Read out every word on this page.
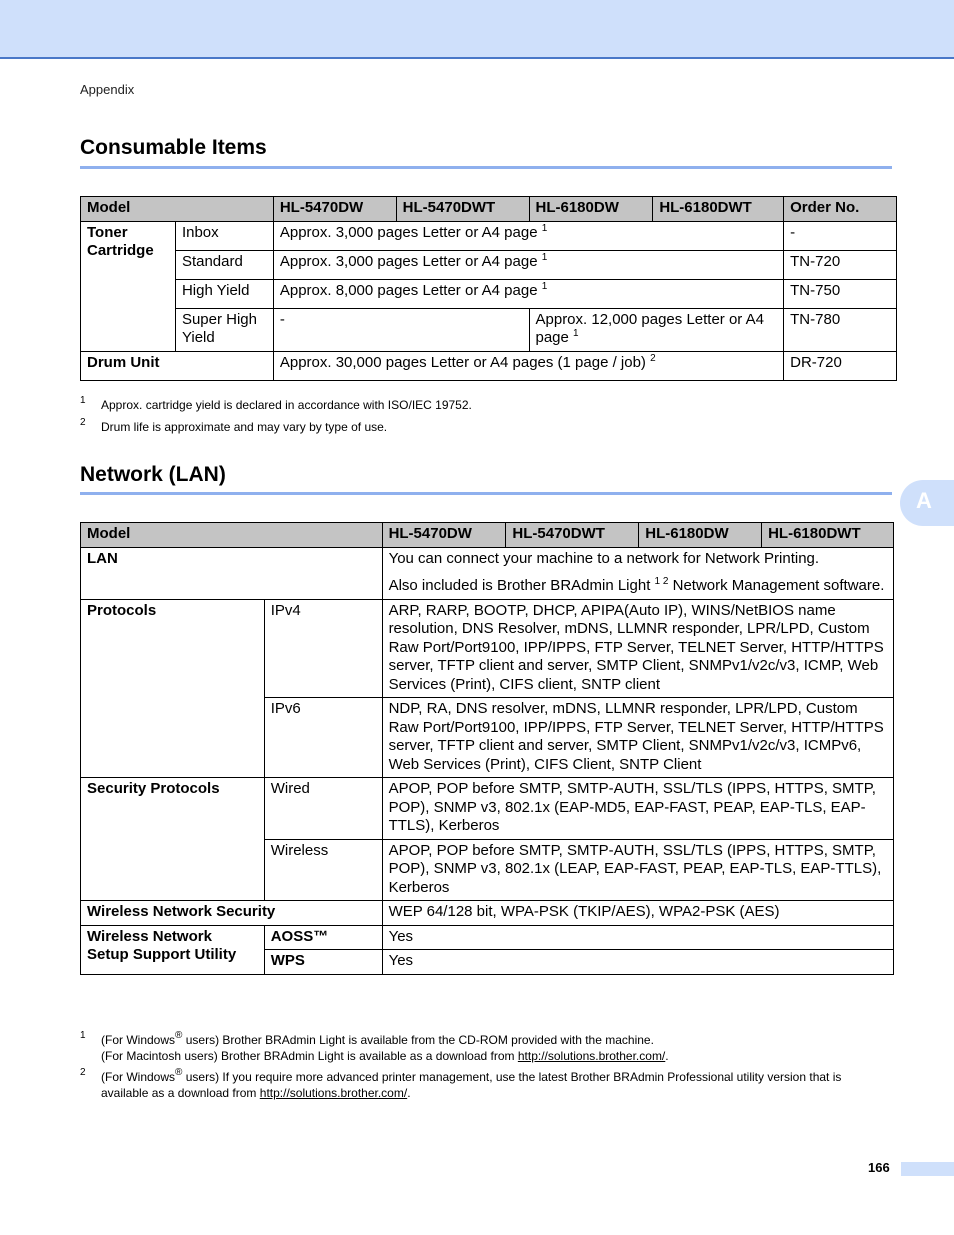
Appendix
Consumable Items
Model		HL-5470DW	HL-5470DWT	HL-6180DW	HL-6180DWT	Order No.
Toner Cartridge	Inbox	Approx. 3,000 pages Letter or A4 page $^1$				-
	Standard	Approx. 3,000 pages Letter or A4 page $^1$				TN-720
	High Yield	Approx. 8,000 pages Letter or A4 page $^1$				TN-750
	Super High Yield	-		Approx. 12,000 pages Letter or A4 page $^1$		TN-780
Drum Unit		Approx. 30,000 pages Letter or A4 pages (1 page / job) $^2$				DR-720
1 Approx. cartridge yield is declared in accordance with ISO/IEC 19752.
2 Drum life is approximate and may vary by type of use.
Network (LAN)
A
Model		HL-5470DW	HL-5470DWT	HL-6180DW	HL-6180DWT
LAN		You can connect your machine to a network for Network Printing.
Also included is Brother BRAdmin Light $^{1 2}$ Network Management software.			

Protocols	IPv4	ARP, RARP, BOOTP, DHCP, APIPA(Auto IP), WINS/NetBIOS name resolution, DNS Resolver, mDNS, LLMNR responder, LPR/LPD, Custom Raw Port/Port9100, IPP/IPPS, FTP Server, TELNET Server, HTTP/HTTPS server, TFTP client and server, SMTP Client, SNMPv1/v2c/v3, ICMP, Web Services (Print), CIFS client, SNTP client			
	IPv6	NDP, RA, DNS resolver, mDNS, LLMNR responder, LPR/LPD, Custom Raw Port/Port9100, IPP/IPPS, FTP Server, TELNET Server, HTTP/HTTPS server, TFTP client and server, SMTP Client, SNMPv1/v2c/v3, ICMPv6, Web Services (Print), CIFS Client, SNTP Client			
Security Protocols	Wired	APOP, POP before SMTP, SMTP-AUTH, SSL/TLS (IPPS, HTTPS, SMTP, POP), SNMP v3, 802.1x (EAP-MD5, EAP-FAST, PEAP, EAP-TLS, EAP-TTLS), Kerberos			
	Wireless	APOP, POP before SMTP, SMTP-AUTH, SSL/TLS (IPPS, HTTPS, SMTP, POP), SNMP v3, 802.1x (LEAP, EAP-FAST, PEAP, EAP-TLS, EAP-TTLS), Kerberos			
Wireless Network Security		WEP 64/128 bit, WPA-PSK (TKIP/AES), WPA2-PSK (AES)			
Wireless Network Setup Support Utility	AOSS™	Yes			
	WPS	Yes			
1 (For Windows® users) Brother BRAdmin Light is available from the CD-ROM provided with the machine.
(For Macintosh users) Brother BRAdmin Light is available as a download from http://solutions.brother.com/.
2 (For Windows® users) If you require more advanced printer management, use the latest Brother BRAdmin Professional utility version that is available as a download from http://solutions.brother.com/.
166
